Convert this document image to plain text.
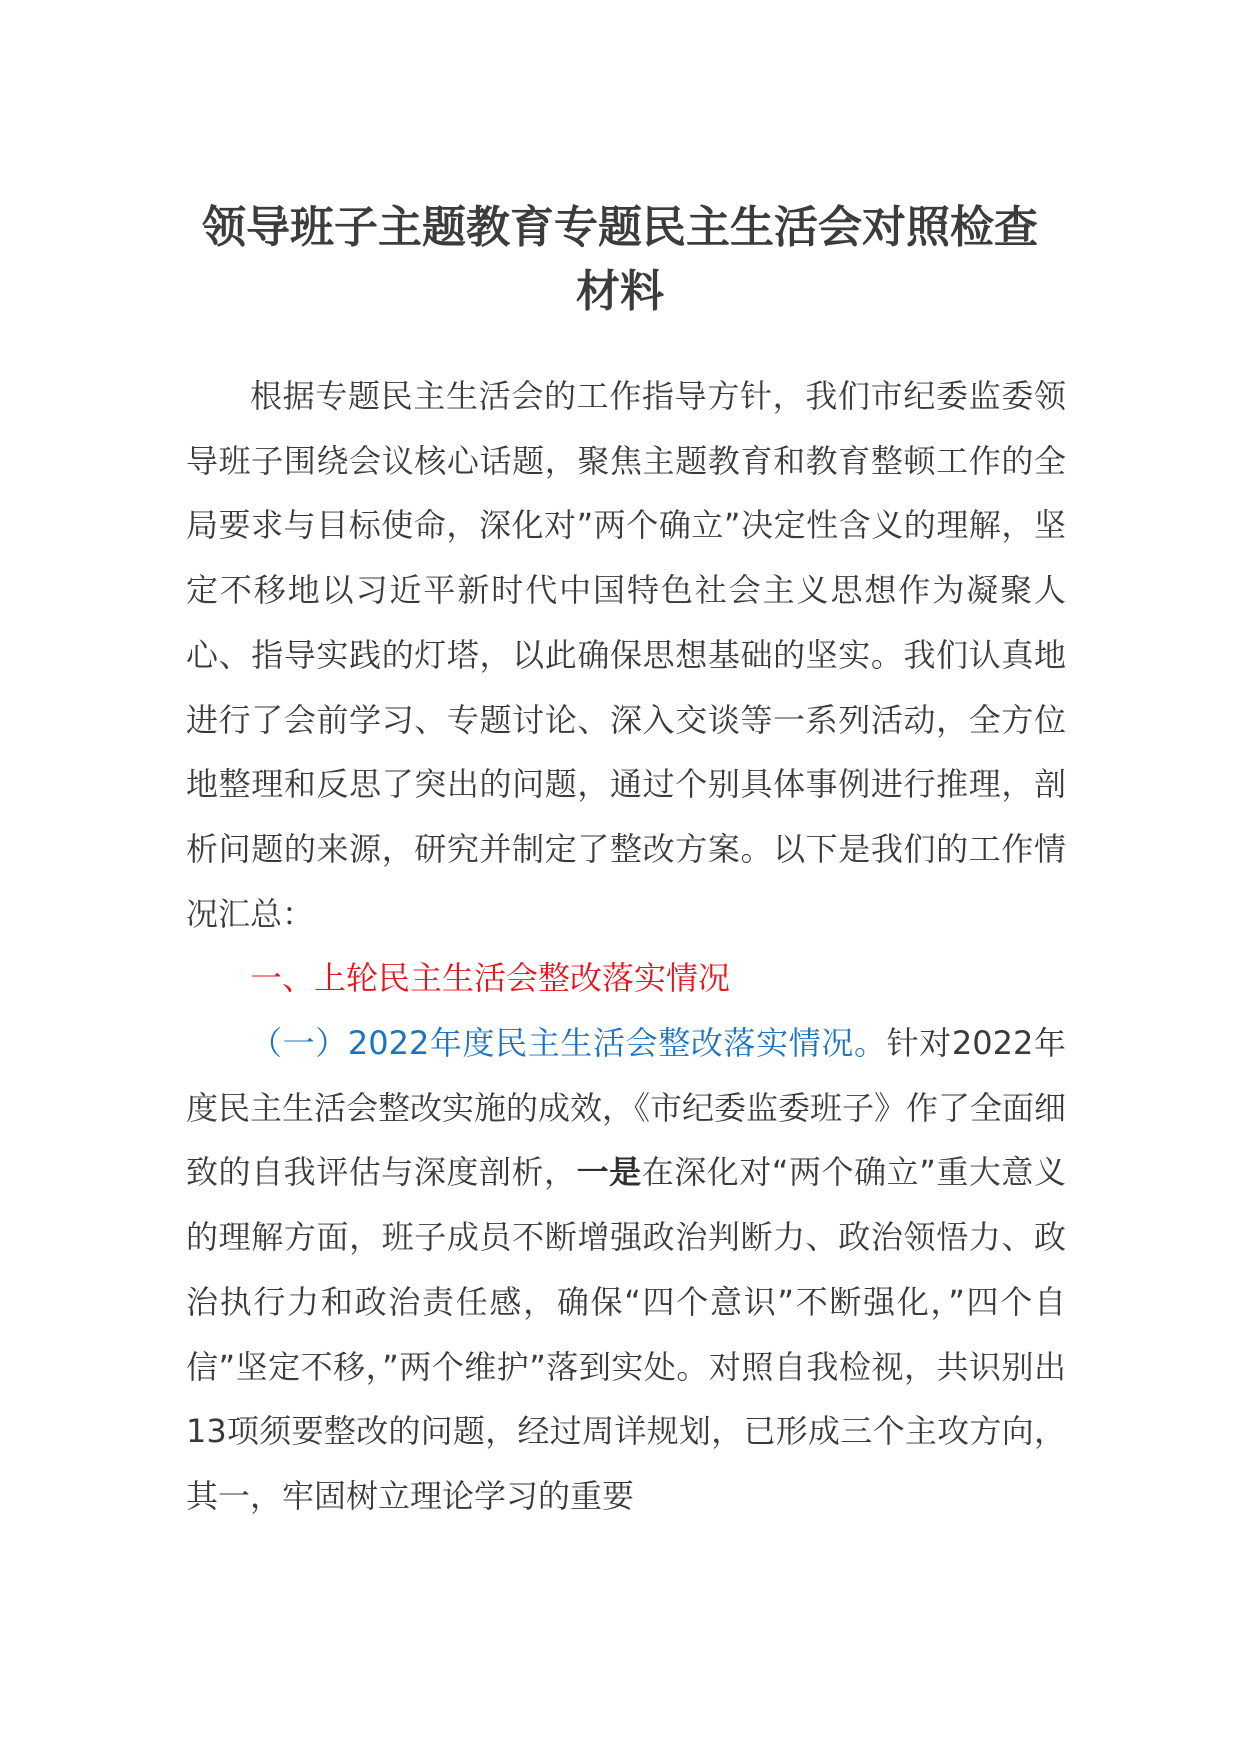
领导班子主题教育专题民主生活会对照检查材料

根据专题民主生活会的工作指导方针，我们市纪委监委领导班子围绕会议核心话题，聚焦主题教育和教育整顿工作的全局要求与目标使命，深化对”两个确立”决定性含义的理解，坚定不移地以习近平新时代中国特色社会主义思想作为凝聚人心、指导实践的灯塔，以此确保思想基础的坚实。我们认真地进行了会前学习、专题讨论、深入交谈等一系列活动，全方位地整理和反思了突出的问题，通过个别具体事例进行推理，剖析问题的来源，研究并制定了整改方案。以下是我们的工作情况汇总：

一、上轮民主生活会整改落实情况

（一）2022年度民主生活会整改落实情况。针对2022年度民主生活会整改实施的成效，《市纪委监委班子》作了全面细致的自我评估与深度剖析，一是在深化对“两个确立”重大意义的理解方面，班子成员不断增强政治判断力、政治领悟力、政治执行力和政治责任感，确保“四个意识”不断强化，”四个自信”坚定不移，”两个维护”落到实处。对照自我检视，共识别出13项须要整改的问题，经过周详规划，已形成三个主攻方向，其一，牢固树立理论学习的重要
